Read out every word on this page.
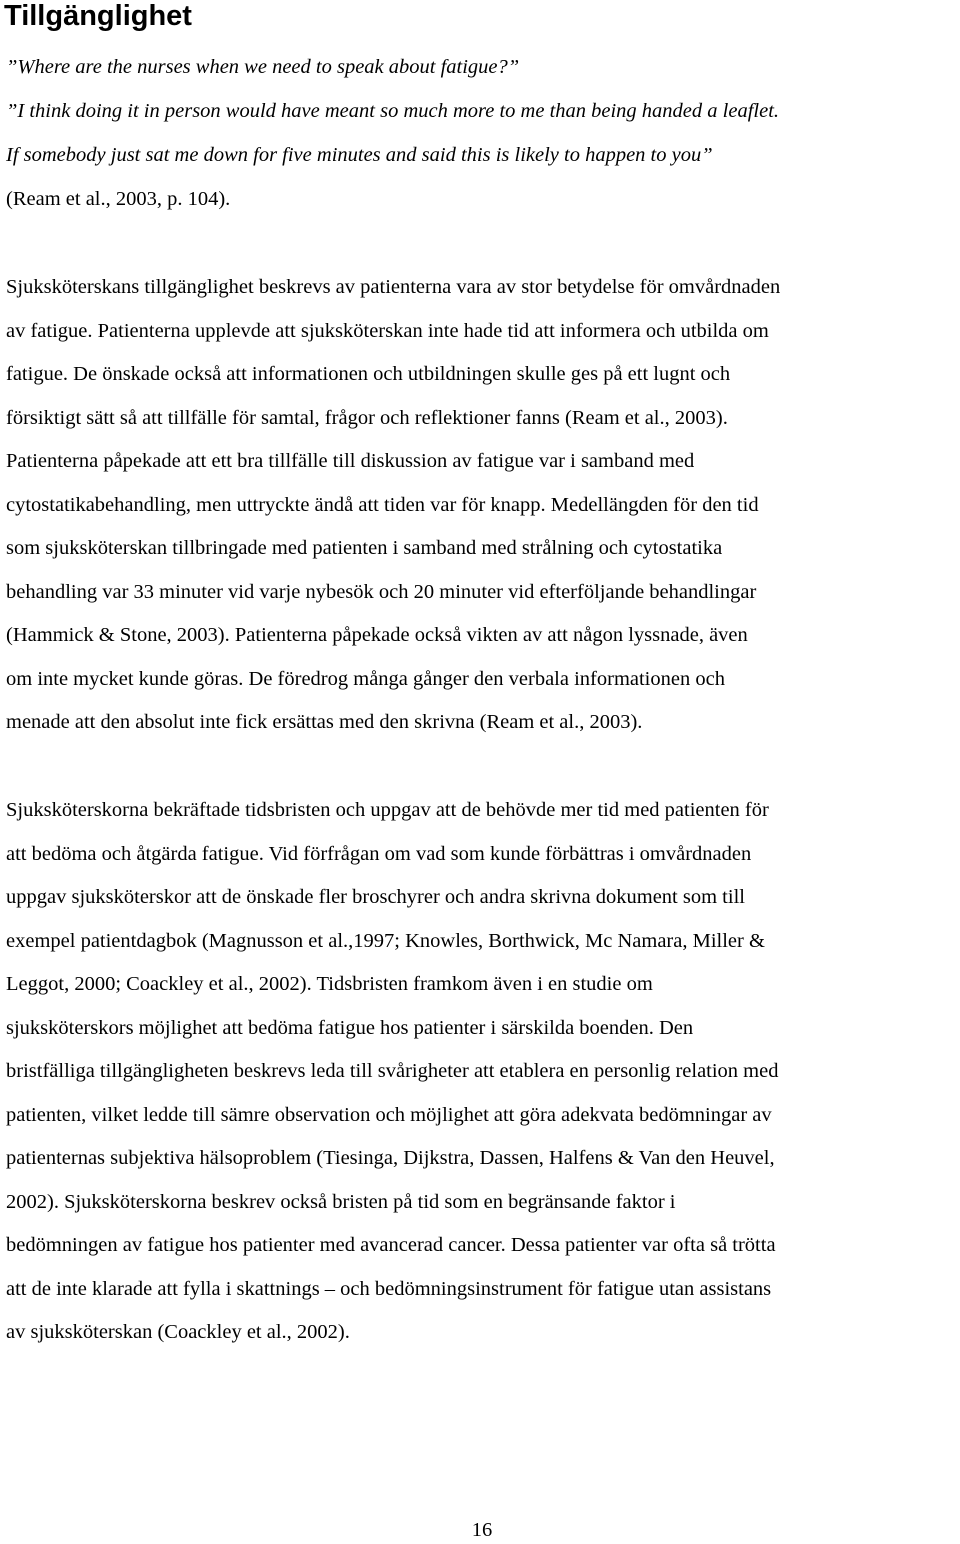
Tillgänglighet
”Where are the nurses when we need to speak about fatigue?”
”I think doing it in person would have meant so much more to me than being handed a leaflet.
If somebody just sat me down for five minutes and said this is likely to happen to you”
(Ream et al., 2003, p. 104).
Sjuksköterskans tillgänglighet beskrevs av patienterna vara av stor betydelse för omvårdnaden
av fatigue. Patienterna upplevde att sjuksköterskan inte hade tid att informera och utbilda om
fatigue. De önskade också att informationen och utbildningen skulle ges på ett lugnt och
försiktigt sätt så att tillfälle för samtal, frågor och reflektioner fanns (Ream et al., 2003).
Patienterna påpekade att ett bra tillfälle till diskussion av fatigue var i samband med
cytostatikabehandling, men uttryckte ändå att tiden var för knapp. Medellängden för den tid
som sjuksköterskan tillbringade med patienten i samband med strålning och cytostatika
behandling var 33 minuter vid varje nybesök och 20 minuter vid efterföljande behandlingar
(Hammick & Stone, 2003). Patienterna påpekade också vikten av att någon lyssnade, även
om inte mycket kunde göras. De föredrog många gånger den verbala informationen och
menade att den absolut inte fick ersättas med den skrivna (Ream et al., 2003).
Sjuksköterskorna bekräftade tidsbristen och uppgav att de behövde mer tid med patienten för
att bedöma och åtgärda fatigue. Vid förfrågan om vad som kunde förbättras i omvårdnaden
uppgav sjuksköterskor att de önskade fler broschyrer och andra skrivna dokument som till
exempel patientdagbok (Magnusson et al.,1997; Knowles, Borthwick, Mc Namara, Miller &
Leggot, 2000; Coackley et al., 2002). Tidsbristen framkom även i en studie om
sjuksköterskors möjlighet att bedöma fatigue hos patienter i särskilda boenden. Den
bristfälliga tillgängligheten beskrevs leda till svårigheter att etablera en personlig relation med
patienten, vilket ledde till sämre observation och möjlighet att göra adekvata bedömningar av
patienternas subjektiva hälsoproblem (Tiesinga, Dijkstra, Dassen, Halfens & Van den Heuvel,
2002). Sjuksköterskorna beskrev också bristen på tid som en begränsande faktor i
bedömningen av fatigue hos patienter med avancerad cancer. Dessa patienter var ofta så trötta
att de inte klarade att fylla i skattnings – och bedömningsinstrument för fatigue utan assistans
av sjuksköterskan (Coackley et al., 2002).

16
